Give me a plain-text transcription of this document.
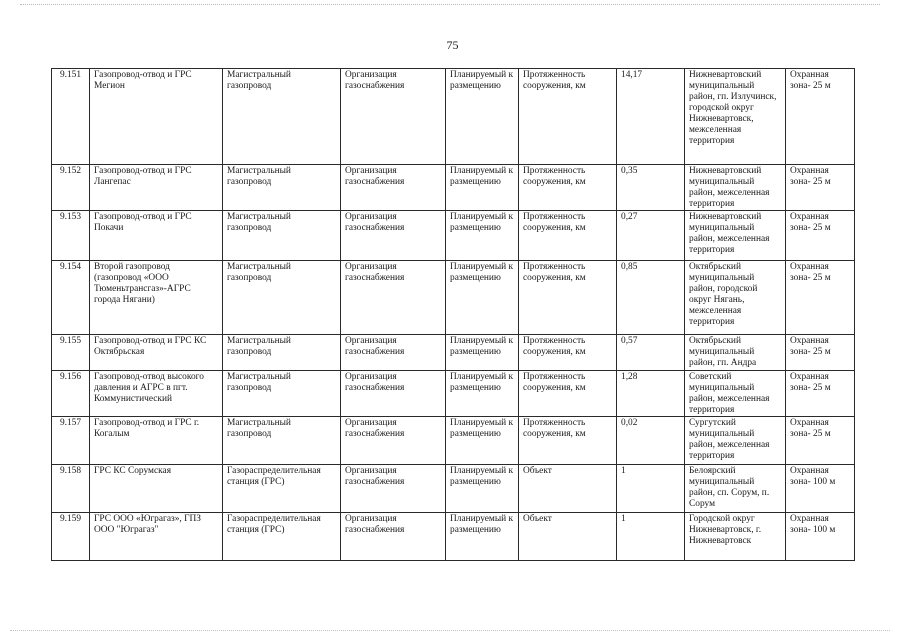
75
9.151	Газопровод-отвод и ГРС Мегион	Магистральный газопровод	Организация газоснабжения	Планируемый к размещению	Протяженность сооружения, км	14,17	Нижневартовский муниципальный район, гп. Излучинск, городской округ Нижневартовск, межселенная территория	Охранная зона- 25 м
9.152	Газопровод-отвод и ГРС Лангепас	Магистральный газопровод	Организация газоснабжения	Планируемый к размещению	Протяженность сооружения, км	0,35	Нижневартовский муниципальный район, межселенная территория	Охранная зона- 25 м
9.153	Газопровод-отвод и ГРС Покачи	Магистральный газопровод	Организация газоснабжения	Планируемый к размещению	Протяженность сооружения, км	0,27	Нижневартовский муниципальный район, межселенная территория	Охранная зона- 25 м
9.154	Второй газопровод (газопровод «ООО Тюменьтрансгаз»-АГРС города Нягани)	Магистральный газопровод	Организация газоснабжения	Планируемый к размещению	Протяженность сооружения, км	0,85	Октябрьский муниципальный район, городской округ Нягань, межселенная территория	Охранная зона- 25 м
9.155	Газопровод-отвод и ГРС КС Октябрьская	Магистральный газопровод	Организация газоснабжения	Планируемый к размещению	Протяженность сооружения, км	0,57	Октябрьский муниципальный район, гп. Андра	Охранная зона- 25 м
9.156	Газопровод-отвод высокого давления и АГРС в пгт. Коммунистический	Магистральный газопровод	Организация газоснабжения	Планируемый к размещению	Протяженность сооружения, км	1,28	Советский муниципальный район, межселенная территория	Охранная зона- 25 м
9.157	Газопровод-отвод и ГРС г. Когалым	Магистральный газопровод	Организация газоснабжения	Планируемый к размещению	Протяженность сооружения, км	0,02	Сургутский муниципальный район, межселенная территория	Охранная зона- 25 м
9.158	ГРС КС Сорумская	Газораспределительная станция (ГРС)	Организация газоснабжения	Планируемый к размещению	Объект	1	Белоярский муниципальный район, сп. Сорум, п. Сорум	Охранная зона- 100 м
9.159	ГРС ООО «Юграгаз», ГПЗ ООО "Юграгаз"	Газораспределительная станция (ГРС)	Организация газоснабжения	Планируемый к размещению	Объект	1	Городской округ Нижневартовск, г. Нижневартовск	Охранная зона- 100 м
